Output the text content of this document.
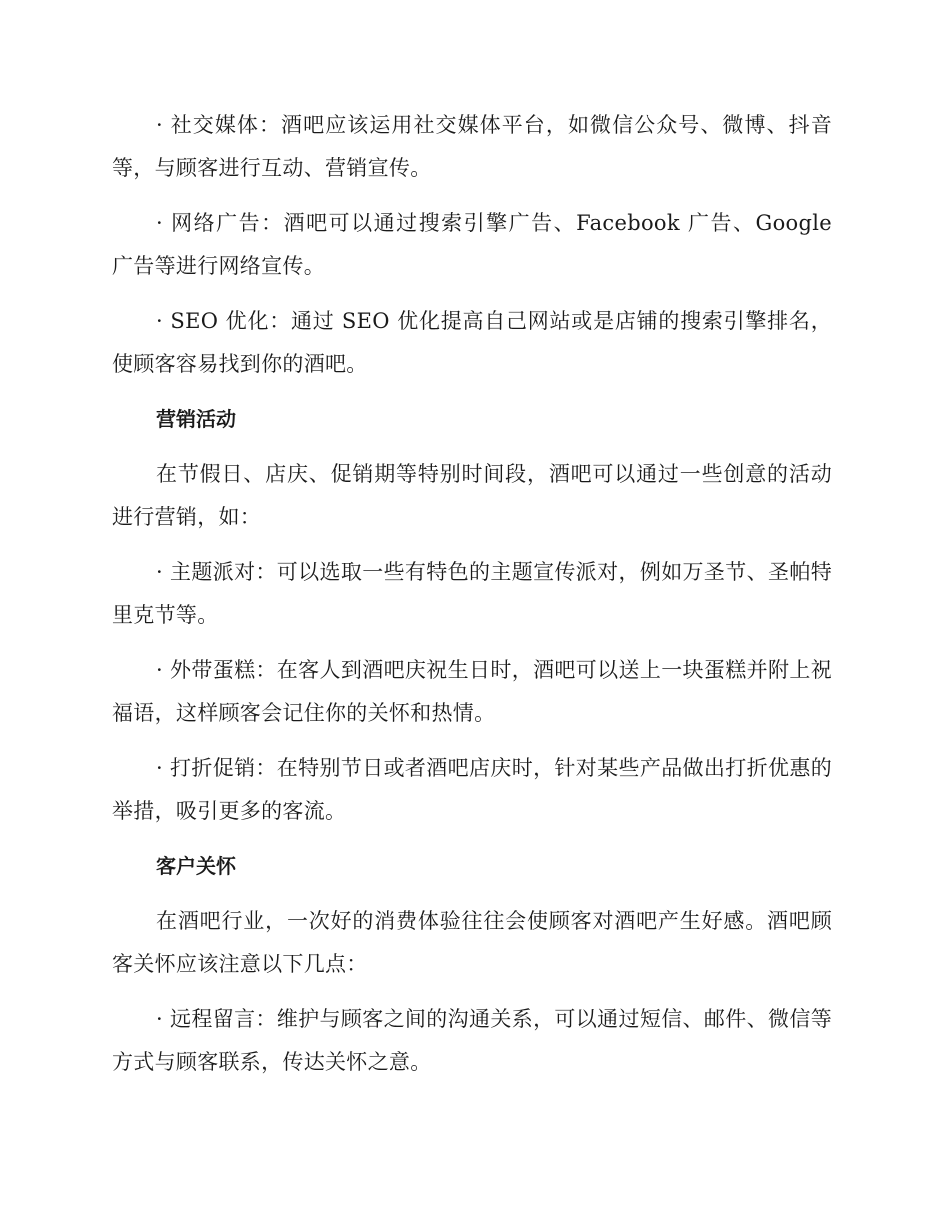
· 社交媒体：酒吧应该运用社交媒体平台，如微信公众号、微博、抖音等，与顾客进行互动、营销宣传。

· 网络广告：酒吧可以通过搜索引擎广告、Facebook 广告、Google 广告等进行网络宣传。

· SEO 优化：通过 SEO 优化提高自己网站或是店铺的搜索引擎排名，使顾客容易找到你的酒吧。

营销活动

在节假日、店庆、促销期等特别时间段，酒吧可以通过一些创意的活动进行营销，如：

· 主题派对：可以选取一些有特色的主题宣传派对，例如万圣节、圣帕特里克节等。

· 外带蛋糕：在客人到酒吧庆祝生日时，酒吧可以送上一块蛋糕并附上祝福语，这样顾客会记住你的关怀和热情。

· 打折促销：在特别节日或者酒吧店庆时，针对某些产品做出打折优惠的举措，吸引更多的客流。

客户关怀

在酒吧行业，一次好的消费体验往往会使顾客对酒吧产生好感。酒吧顾客关怀应该注意以下几点：

· 远程留言：维护与顾客之间的沟通关系，可以通过短信、邮件、微信等方式与顾客联系，传达关怀之意。
